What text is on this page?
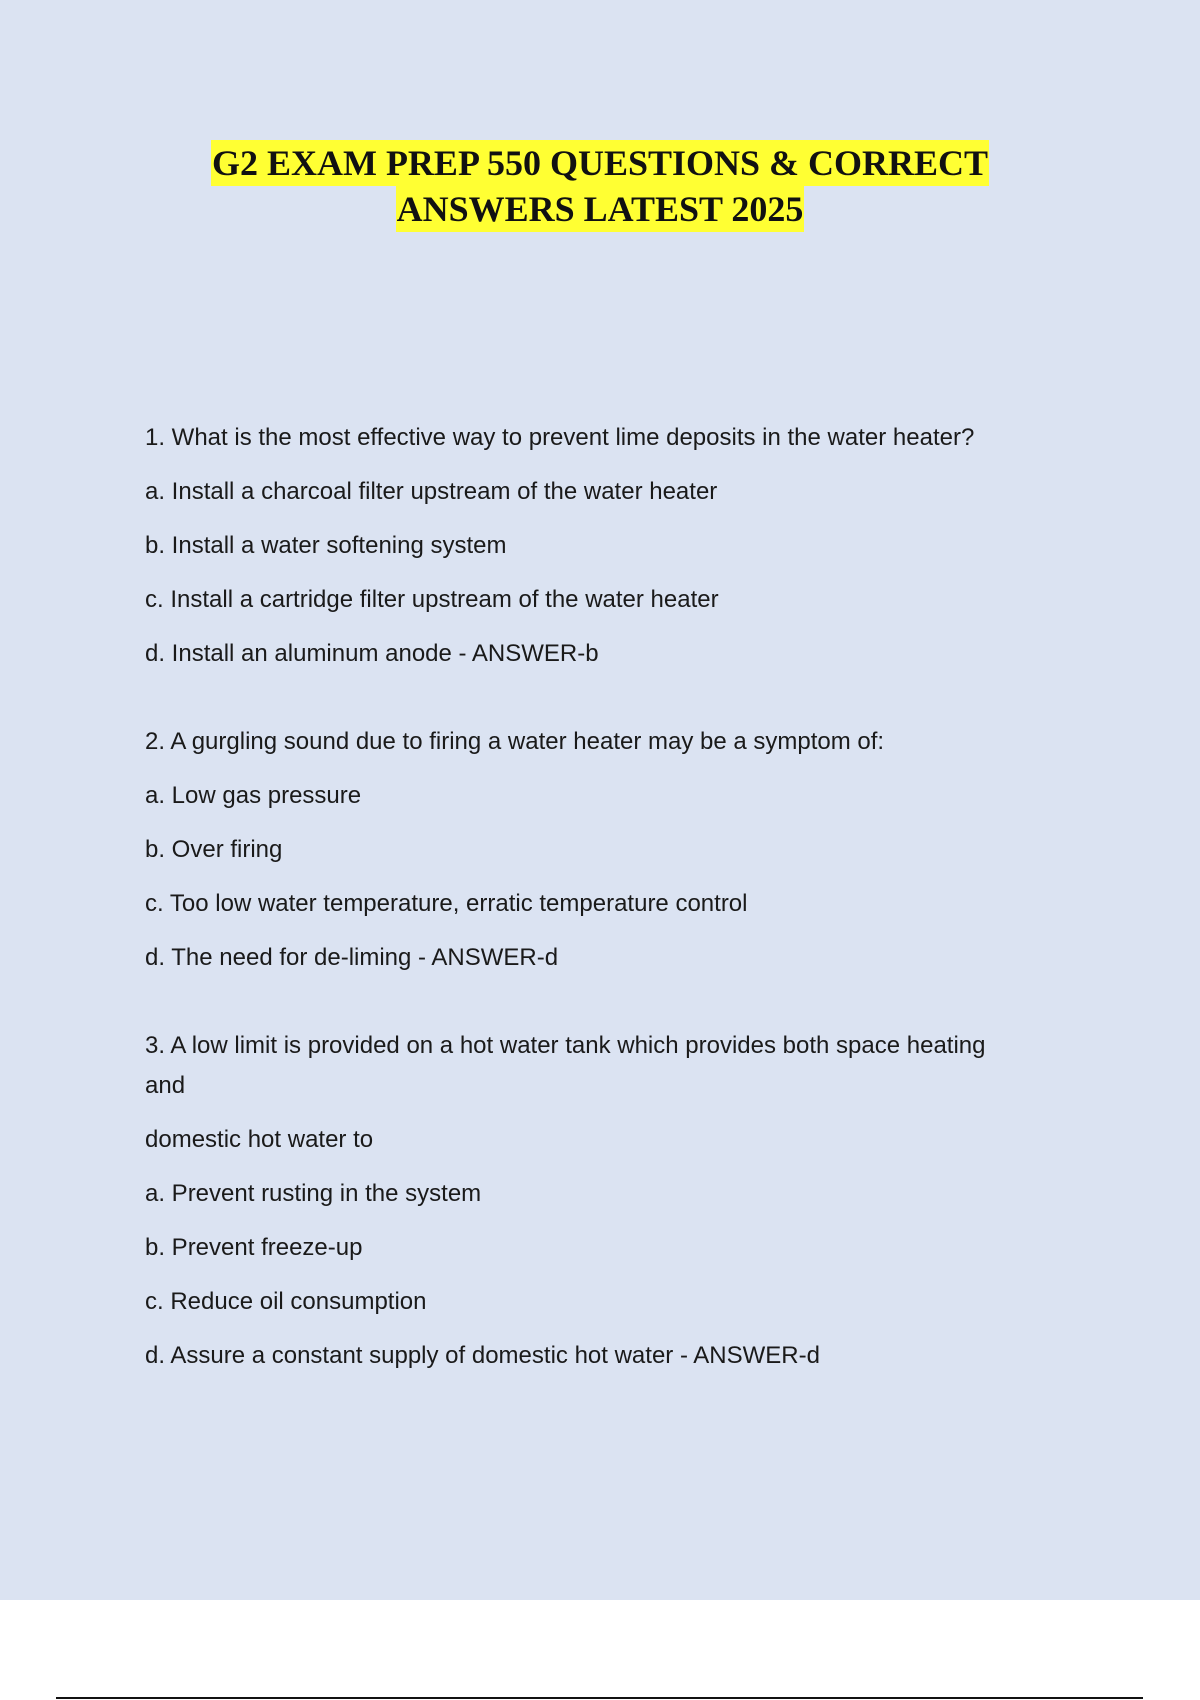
G2 EXAM PREP 550 QUESTIONS & CORRECT
ANSWERS LATEST 2025
1. What is the most effective way to prevent lime deposits in the water heater?
a. Install a charcoal filter upstream of the water heater
b. Install a water softening system
c. Install a cartridge filter upstream of the water heater
d. Install an aluminum anode - ANSWER-b
2. A gurgling sound due to firing a water heater may be a symptom of:
a. Low gas pressure
b. Over firing
c. Too low water temperature, erratic temperature control
d. The need for de-liming - ANSWER-d
3. A low limit is provided on a hot water tank which provides both space heating
and
domestic hot water to
a. Prevent rusting in the system
b. Prevent freeze-up
c. Reduce oil consumption
d. Assure a constant supply of domestic hot water - ANSWER-d
